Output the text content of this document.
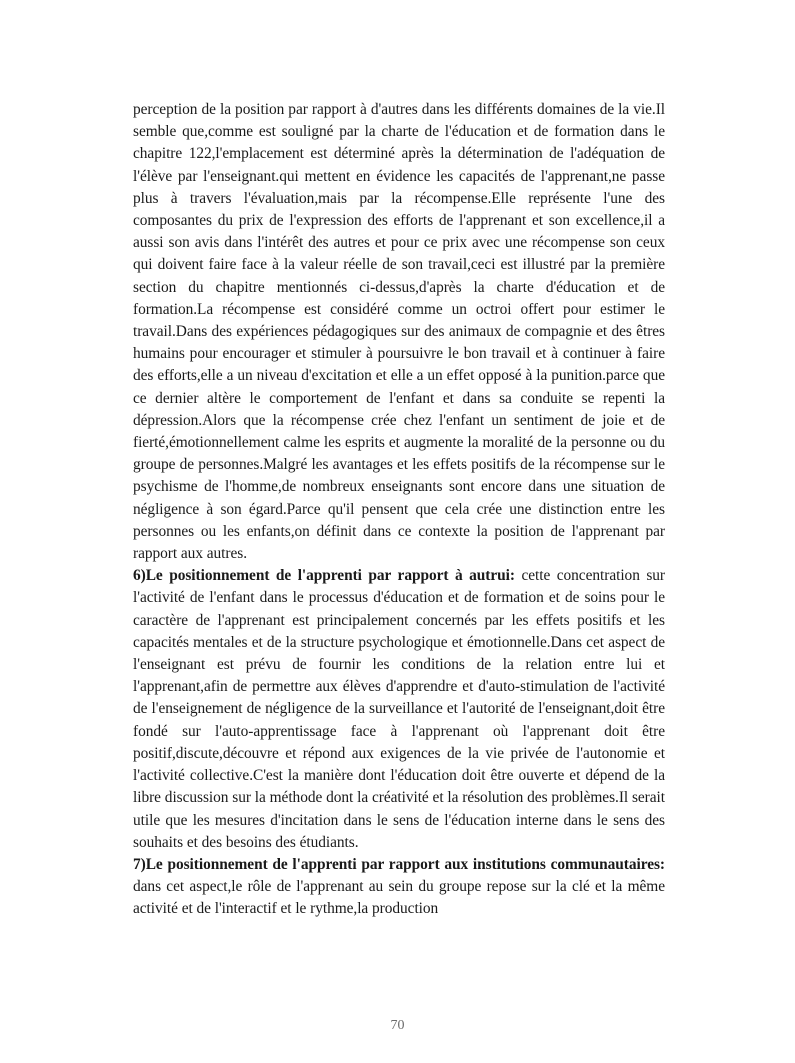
perception de la position par rapport à d'autres dans les différents domaines de la vie.Il semble que,comme est souligné par la charte de l'éducation et de formation dans le chapitre 122,l'emplacement est déterminé après la détermination de l'adéquation de l'élève par l'enseignant.qui mettent en évidence les capacités de l'apprenant,ne passe plus à travers l'évaluation,mais par la récompense.Elle représente l'une des composantes du prix de l'expression des efforts de l'apprenant et son excellence,il a aussi son avis dans l'intérêt des autres et pour ce prix avec une récompense son ceux qui doivent faire face à la valeur réelle de son travail,ceci est illustré par la première section du chapitre mentionnés ci-dessus,d'après la charte d'éducation et de formation.La récompense est considéré comme un octroi offert pour estimer le travail.Dans des expériences pédagogiques sur des animaux de compagnie et des êtres humains pour encourager et stimuler à poursuivre le bon travail et à continuer à faire des efforts,elle a un niveau d'excitation et elle a un effet opposé à la punition.parce que ce dernier altère le comportement de l'enfant et dans sa conduite se repenti la dépression.Alors que la récompense crée chez l'enfant un sentiment de joie et de fierté,émotionnellement calme les esprits et augmente la moralité de la personne ou du groupe de personnes.Malgré les avantages et les effets positifs de la récompense sur le psychisme de l'homme,de nombreux enseignants sont encore dans une situation de négligence à son égard.Parce qu'il pensent que cela crée une distinction entre les personnes ou les enfants,on définit dans ce contexte la position de l'apprenant par rapport aux autres.

6)Le positionnement de l'apprenti par rapport à autrui: cette concentration sur l'activité de l'enfant dans le processus d'éducation et de formation et de soins pour le caractère de l'apprenant est principalement concernés par les effets positifs et les capacités mentales et de la structure psychologique et émotionnelle.Dans cet aspect de l'enseignant est prévu de fournir les conditions de la relation entre lui et l'apprenant,afin de permettre aux élèves d'apprendre et d'auto-stimulation de l'activité de l'enseignement de négligence de la surveillance et l'autorité de l'enseignant,doit être fondé sur l'auto-apprentissage face à l'apprenant où l'apprenant doit être positif,discute,découvre et répond aux exigences de la vie privée de l'autonomie et l'activité collective.C'est la manière dont l'éducation doit être ouverte et dépend de la libre discussion sur la méthode dont la créativité et la résolution des problèmes.Il serait utile que les mesures d'incitation dans le sens de l'éducation interne dans le sens des souhaits et des besoins des étudiants.

7)Le positionnement de l'apprenti par rapport aux institutions communautaires: dans cet aspect,le rôle de l'apprenant au sein du groupe repose sur la clé et la même activité et de l'interactif et le rythme,la production

70
